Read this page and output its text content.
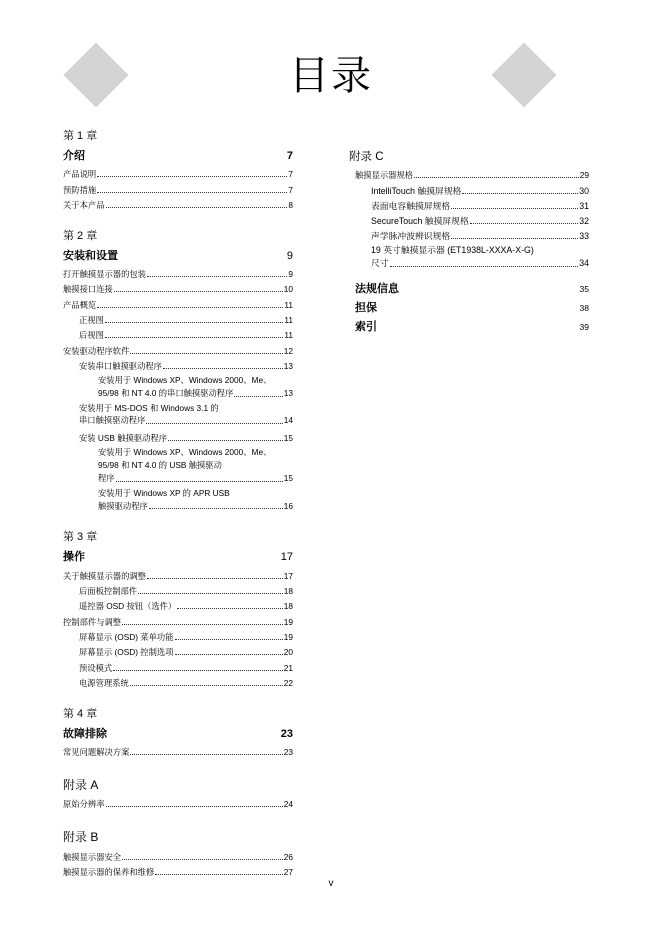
目录
第 1 章
介绍	7
产品说明	7
预防措施	7
关于本产品	8
第 2 章
安装和设置	9
打开触摸显示器的包装	9
触摸接口连接	10
产品概览	11
正视图	11
后视图	11
安装驱动程序软件	12
安装串口触摸驱动程序	13
安装用于 Windows XP、Windows 2000、Me、
95/98 和 NT 4.0 的串口触摸驱动程序	13
安装用于 MS-DOS 和 Windows 3.1 的
串口触摸驱动程序	14
安装 USB 触摸驱动程序	15
安装用于 Windows XP、Windows 2000、Me、
95/98 和 NT 4.0 的 USB 触摸驱动
程序	15
安装用于 Windows XP 的 APR USB
触摸驱动程序	16
第 3 章
操作	17
关于触摸显示器的调整	17
后面板控制部件	18
遥控器 OSD 按钮（选件）	18
控制部件与调整	19
屏幕显示 (OSD) 菜单功能	19
屏幕显示 (OSD) 控制选项	20
预设模式	21
电源管理系统	22
第 4 章
故障排除	23
常见问题解决方案	23
附录 A
原始分辨率	24
附录 B
触摸显示器安全	26
触摸显示器的保养和维修	27
附录 C
触摸显示器规格	29
IntelliTouch 触摸屏规格	30
表面电容触摸屏规格	31
SecureTouch 触摸屏规格	32
声学脉冲波辨识规格	33
19 英寸触摸显示器 (ET1938L-XXXA-X-G)
尺寸	34
法规信息	35
担保	38
索引	39
v
